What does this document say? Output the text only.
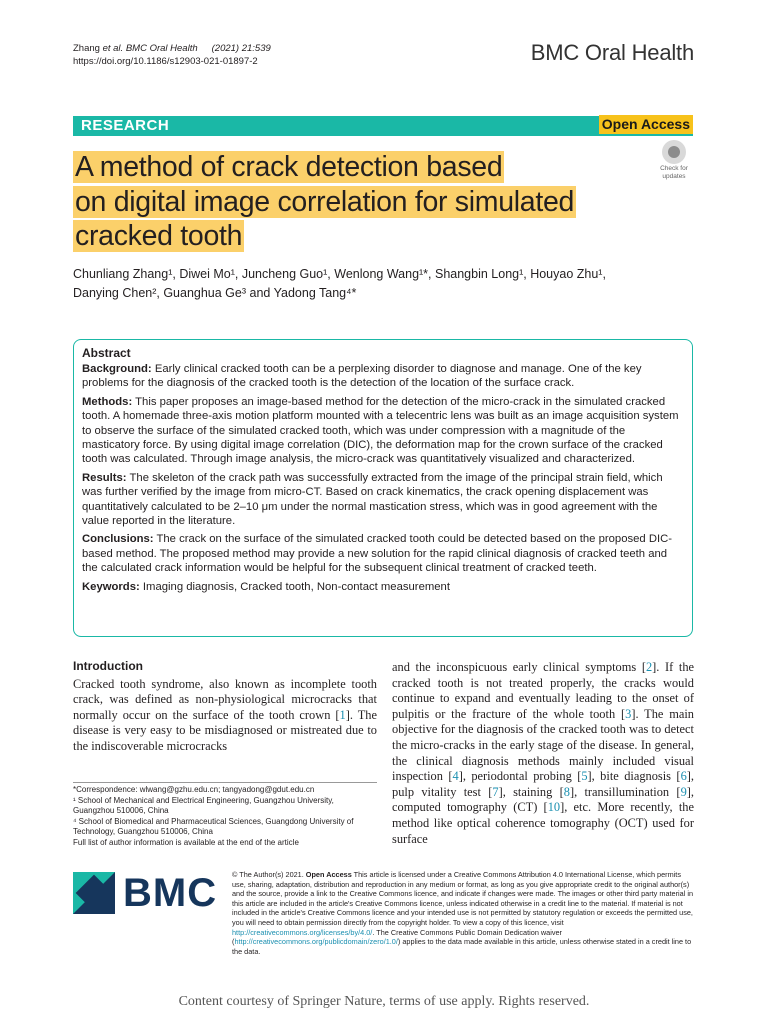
Zhang et al. BMC Oral Health (2021) 21:539
https://doi.org/10.1186/s12903-021-01897-2	BMC Oral Health
RESEARCH	Open Access
A method of crack detection based
on digital image correlation for simulated
cracked tooth
Check for updates
Chunliang Zhang¹, Diwei Mo¹, Juncheng Guo¹, Wenlong Wang¹*, Shangbin Long¹, Houyao Zhu¹,
Danying Chen², Guanghua Ge³ and Yadong Tang⁴*
Abstract

Background: Early clinical cracked tooth can be a perplexing disorder to diagnose and manage. One of the key problems for the diagnosis of the cracked tooth is the detection of the location of the surface crack.

Methods: This paper proposes an image-based method for the detection of the micro-crack in the simulated cracked tooth. A homemade three-axis motion platform mounted with a telecentric lens was built as an image acquisition system to observe the surface of the simulated cracked tooth, which was under compression with a magnitude of the masticatory force. By using digital image correlation (DIC), the deformation map for the crown surface of the cracked tooth was calculated. Through image analysis, the micro-crack was quantitatively visualized and characterized.

Results: The skeleton of the crack path was successfully extracted from the image of the principal strain field, which was further verified by the image from micro-CT. Based on crack kinematics, the crack opening displacement was quantitatively calculated to be 2–10 μm under the normal mastication stress, which was in good agreement with the value reported in the literature.

Conclusions: The crack on the surface of the simulated cracked tooth could be detected based on the proposed DIC-based method. The proposed method may provide a new solution for the rapid clinical diagnosis of cracked teeth and the calculated crack information would be helpful for the subsequent clinical treatment of cracked teeth.

Keywords: Imaging diagnosis, Cracked tooth, Non-contact measurement

Introduction

Cracked tooth syndrome, also known as incomplete tooth crack, was defined as non-physiological microcracks that normally occur on the surface of the tooth crown [1]. The disease is very easy to be misdiagnosed or mistreated due to the indiscoverable microcracks

*Correspondence: wlwang@gzhu.edu.cn; tangyadong@gdut.edu.cn
¹ School of Mechanical and Electrical Engineering, Guangzhou University, Guangzhou 510006, China
⁴ School of Biomedical and Pharmaceutical Sciences, Guangdong University of Technology, Guangzhou 510006, China
Full list of author information is available at the end of the article

and the inconspicuous early clinical symptoms [2]. If the cracked tooth is not treated properly, the cracks would continue to expand and eventually leading to the onset of pulpitis or the fracture of the whole tooth [3]. The main objective for the diagnosis of the cracked tooth was to detect the micro-cracks in the early stage of the disease. In general, the clinical diagnosis methods mainly included visual inspection [4], periodontal probing [5], bite diagnosis [6], pulp vitality test [7], staining [8], transillumination [9], computed tomography (CT) [10], etc. More recently, the method like optical coherence tomography (OCT) used for surface

BMC © The Author(s) 2021. Open Access This article is licensed under a Creative Commons Attribution 4.0 International License, which permits use, sharing, adaptation, distribution and reproduction in any medium or format, as long as you give appropriate credit to the original author(s) and the source, provide a link to the Creative Commons licence, and indicate if changes were made. The images or other third party material in this article are included in the article's Creative Commons licence, unless indicated otherwise in a credit line to the material. If material is not included in the article's Creative Commons licence and your intended use is not permitted by statutory regulation or exceeds the permitted use, you will need to obtain permission directly from the copyright holder. To view a copy of this licence, visit http://creativecommons.org/licenses/by/4.0/. The Creative Commons Public Domain Dedication waiver (http://creativecommons.org/publicdomain/zero/1.0/) applies to the data made available in this article, unless otherwise stated in a credit line to the data.
Content courtesy of Springer Nature, terms of use apply. Rights reserved.
